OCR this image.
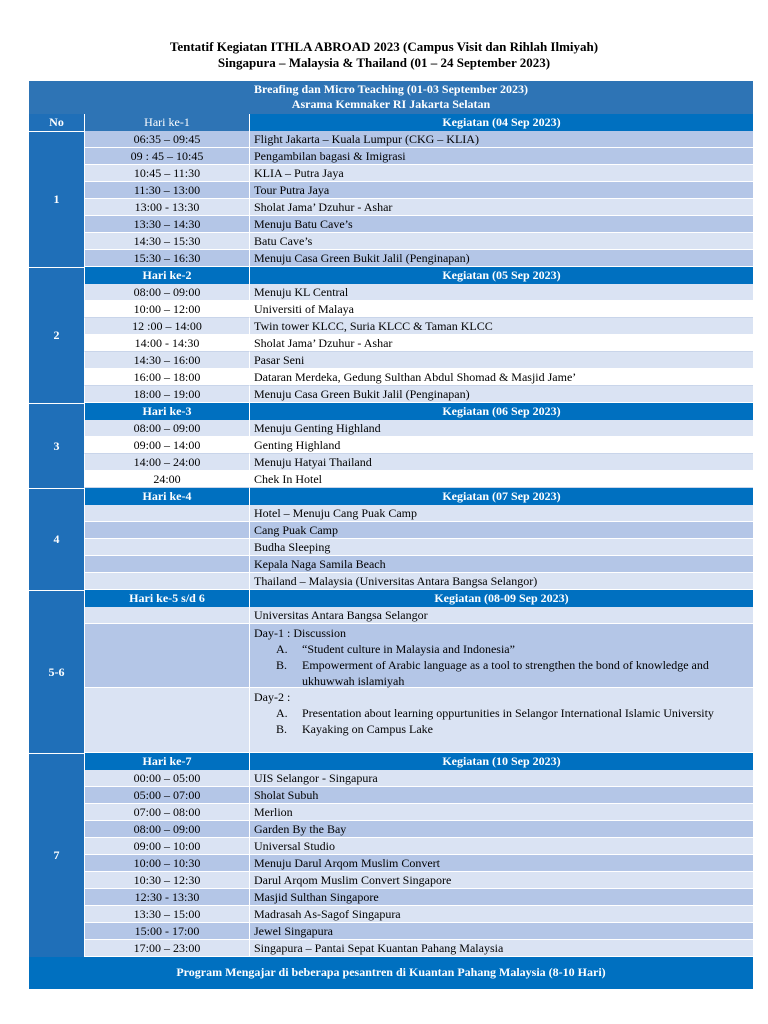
Tentatif Kegiatan ITHLA ABROAD 2023 (Campus Visit dan Rihlah Ilmiyah)
Singapura – Malaysia & Thailand (01 – 24 September 2023)
Breafing dan Micro Teaching (01-03 September 2023)
Asrama Kemnaker RI Jakarta Selatan
No	Hari ke-1	Kegiatan (04 Sep 2023)
1
06:35 – 09:45	Flight Jakarta – Kuala Lumpur (CKG – KLIA)
09 : 45 – 10:45	Pengambilan bagasi & Imigrasi
10:45 – 11:30	KLIA – Putra Jaya
11:30 – 13:00	Tour Putra Jaya
13:00 - 13:30	Sholat Jama’ Dzuhur - Ashar
13:30 – 14:30	Menuju Batu Cave’s
14:30 – 15:30	Batu Cave’s
15:30 – 16:30	Menuju Casa Green Bukit Jalil (Penginapan)
2
Hari ke-2	Kegiatan (05 Sep 2023)
08:00 – 09:00	Menuju KL Central
10:00 – 12:00	Universiti of Malaya
12 :00 – 14:00	Twin tower KLCC, Suria KLCC & Taman KLCC
14:00 - 14:30	Sholat Jama’ Dzuhur - Ashar
14:30 – 16:00	Pasar Seni
16:00 – 18:00	Dataran Merdeka, Gedung Sulthan Abdul Shomad & Masjid Jame’
18:00 – 19:00	Menuju Casa Green Bukit Jalil (Penginapan)
3
Hari ke-3	Kegiatan (06 Sep 2023)
08:00 – 09:00	Menuju Genting Highland
09:00 – 14:00	Genting Highland
14:00 – 24:00	Menuju Hatyai Thailand
24:00	Chek In Hotel
4
Hari ke-4	Kegiatan (07 Sep 2023)
Hotel – Menuju Cang Puak Camp
Cang Puak Camp
Budha Sleeping
Kepala Naga Samila Beach
Thailand – Malaysia (Universitas Antara Bangsa Selangor)
5-6
Hari ke-5 s/d 6	Kegiatan (08-09 Sep 2023)
Universitas Antara Bangsa Selangor
Day-1 : Discussion
A.	“Student culture in Malaysia and Indonesia”
B.	Empowerment of Arabic language as a tool to strengthen the bond of knowledge and ukhuwwah islamiyah
Day-2 :
A.	Presentation about learning oppurtunities in Selangor International Islamic University
B.	Kayaking on Campus Lake
7
Hari ke-7	Kegiatan (10 Sep 2023)
00:00 – 05:00	UIS Selangor - Singapura
05:00 – 07:00	Sholat Subuh
07:00 – 08:00	Merlion
08:00 – 09:00	Garden By the Bay
09:00 – 10:00	Universal Studio
10:00 – 10:30	Menuju Darul Arqom Muslim Convert
10:30 – 12:30	Darul Arqom Muslim Convert Singapore
12:30 - 13:30	Masjid Sulthan Singapore
13:30 – 15:00	Madrasah As-Sagof Singapura
15:00 - 17:00	Jewel Singapura
17:00 – 23:00	Singapura – Pantai Sepat Kuantan Pahang Malaysia
Program Mengajar di beberapa pesantren di Kuantan Pahang Malaysia (8-10 Hari)
